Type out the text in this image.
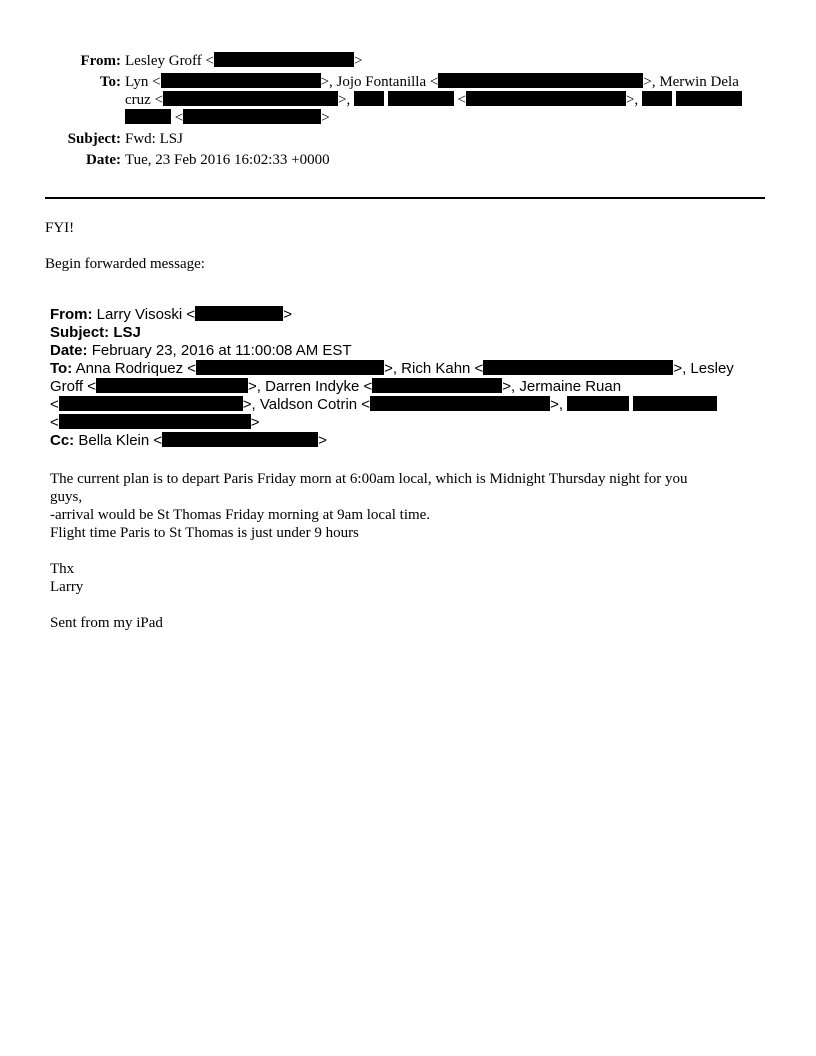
From: Lesley Groff <	>
To: Lyn <	>, Jojo Fontanilla <	>, Merwin Dela
cruz <	>,	<	>,
<	>
Subject: Fwd: LSJ
Date: Tue, 23 Feb 2016 16:02:33 +0000
FYI!
Begin forwarded message:
From: Larry Visoski <	>
Subject: LSJ
Date: February 23, 2016 at 11:00:08 AM EST
To: Anna Rodriquez <	>, Rich Kahn <	>, Lesley
Groff <	>, Darren Indyke <	>, Jermaine Ruan
<	>, Valdson Cotrin <	>,
<	>
Cc: Bella Klein <	>
The current plan is to depart Paris Friday morn at 6:00am local, which is Midnight Thursday night for you
guys,
-arrival would be St Thomas Friday morning at 9am local time.
Flight time Paris to St Thomas is just under 9 hours
Thx
Larry
Sent from my iPad
